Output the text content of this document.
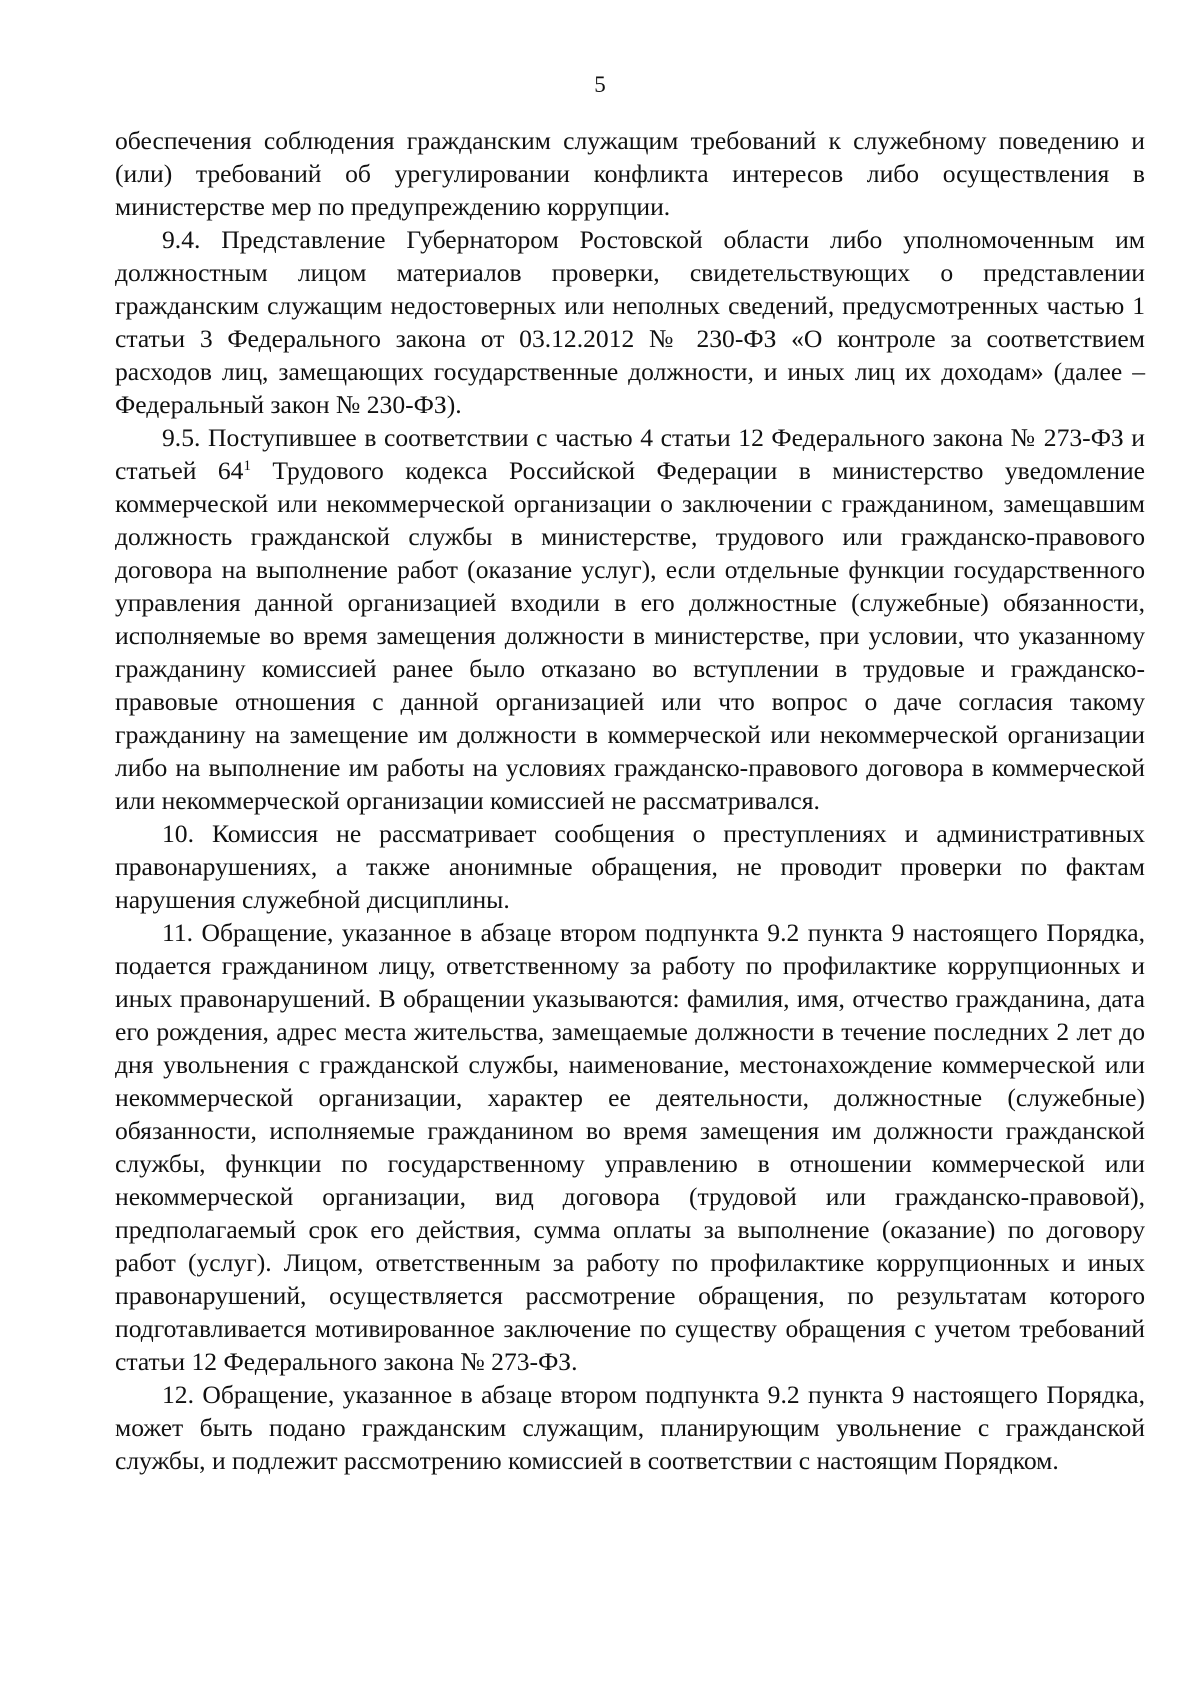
5

обеспечения соблюдения гражданским служащим требований к служебному поведению и (или) требований об урегулировании конфликта интересов либо осуществления в министерстве мер по предупреждению коррупции.

9.4. Представление Губернатором Ростовской области либо уполномоченным им должностным лицом материалов проверки, свидетельствующих о представлении гражданским служащим недостоверных или неполных сведений, предусмотренных частью 1 статьи 3 Федерального закона от 03.12.2012 № 230-ФЗ «О контроле за соответствием расходов лиц, замещающих государственные должности, и иных лиц их доходам» (далее – Федеральный закон № 230-ФЗ).

9.5. Поступившее в соответствии с частью 4 статьи 12 Федерального закона № 273-ФЗ и статьей $64^1$ Трудового кодекса Российской Федерации в министерство уведомление коммерческой или некоммерческой организации о заключении с гражданином, замещавшим должность гражданской службы в министерстве, трудового или гражданско-правового договора на выполнение работ (оказание услуг), если отдельные функции государственного управления данной организацией входили в его должностные (служебные) обязанности, исполняемые во время замещения должности в министерстве, при условии, что указанному гражданину комиссией ранее было отказано во вступлении в трудовые и гражданско-правовые отношения с данной организацией или что вопрос о даче согласия такому гражданину на замещение им должности в коммерческой или некоммерческой организации либо на выполнение им работы на условиях гражданско-правового договора в коммерческой или некоммерческой организации комиссией не рассматривался.

10. Комиссия не рассматривает сообщения о преступлениях и административных правонарушениях, а также анонимные обращения, не проводит проверки по фактам нарушения служебной дисциплины.

11. Обращение, указанное в абзаце втором подпункта 9.2 пункта 9 настоящего Порядка, подается гражданином лицу, ответственному за работу по профилактике коррупционных и иных правонарушений. В обращении указываются: фамилия, имя, отчество гражданина, дата его рождения, адрес места жительства, замещаемые должности в течение последних 2 лет до дня увольнения с гражданской службы, наименование, местонахождение коммерческой или некоммерческой организации, характер ее деятельности, должностные (служебные) обязанности, исполняемые гражданином во время замещения им должности гражданской службы, функции по государственному управлению в отношении коммерческой или некоммерческой организации, вид договора (трудовой или гражданско-правовой), предполагаемый срок его действия, сумма оплаты за выполнение (оказание) по договору работ (услуг). Лицом, ответственным за работу по профилактике коррупционных и иных правонарушений, осуществляется рассмотрение обращения, по результатам которого подготавливается мотивированное заключение по существу обращения с учетом требований статьи 12 Федерального закона № 273-ФЗ.

12. Обращение, указанное в абзаце втором подпункта 9.2 пункта 9 настоящего Порядка, может быть подано гражданским служащим, планирующим увольнение с гражданской службы, и подлежит рассмотрению комиссией в соответствии с настоящим Порядком.
